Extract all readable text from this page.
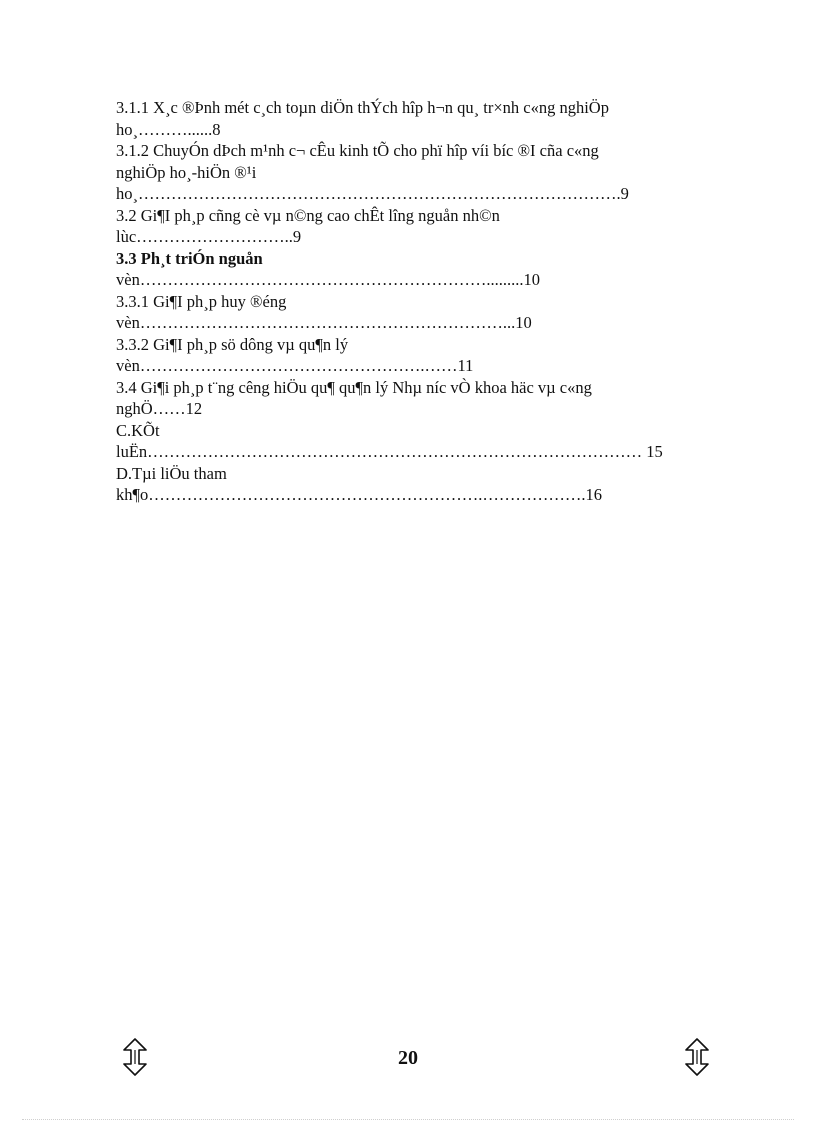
3.1.1 X¸c ®Þnh mét c¸ch toµn diÖn thÝch hîp h¬n qu¸ tr×nh c«ng nghiÖp
ho¸………......8
3.1.2 ChuyÓn dÞch m¹nh c¬ cÊu kinh tÕ cho phï hîp víi bíc ®I cña c«ng
nghiÖp ho¸-hiÖn ®¹i
ho¸…………………………………………………………………………….9
3.2 Gi¶I ph¸p cñng cè vµ n©ng cao chÊt lîng nguån nh©n
lùc………………………..9
3.3 Ph¸t triÓn nguån
vèn……………………………………………………….........10
3.3.1 Gi¶I ph¸p huy ®éng
vèn…………………………………………………………...10
3.3.2 Gi¶I ph¸p sö dông vµ qu¶n lý
vèn…………………………………………….……11
3.4 Gi¶i ph¸p t¨ng cêng hiÖu qu¶ qu¶n lý Nhµ níc vÒ khoa häc vµ c«ng
nghÖ……12
C.KÕt
luËn……………………………………………………………………………… 15
D.Tµi liÖu tham
kh¶o…………………………………………………….……………….16
20
